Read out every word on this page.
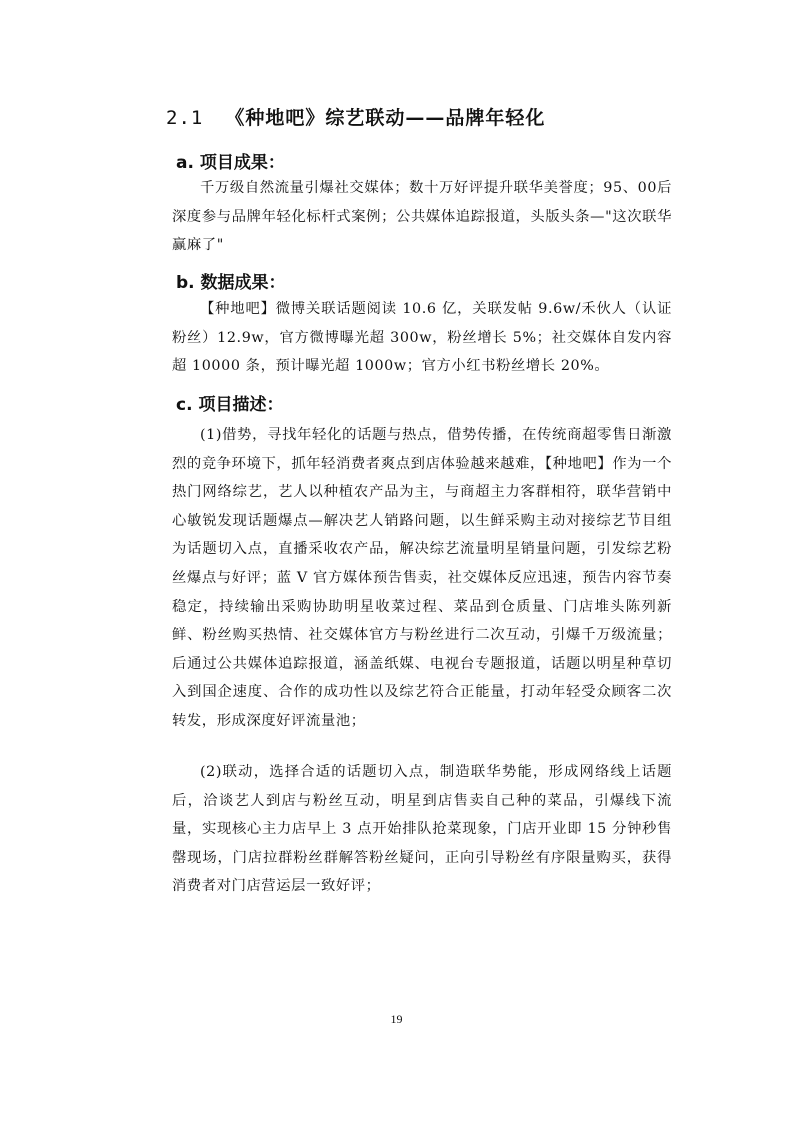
2.1 《种地吧》综艺联动——品牌年轻化
a. 项目成果：

千万级自然流量引爆社交媒体；数十万好评提升联华美誉度；95、00后深度参与品牌年轻化标杆式案例；公共媒体追踪报道，头版头条—"这次联华赢麻了"

b. 数据成果：

【种地吧】微博关联话题阅读 10.6 亿，关联发帖 9.6w/禾伙人（认证粉丝）12.9w，官方微博曝光超 300w，粉丝增长 5%；社交媒体自发内容超 10000 条，预计曝光超 1000w；官方小红书粉丝增长 20%。

c. 项目描述：

(1)借势，寻找年轻化的话题与热点，借势传播，在传统商超零售日渐激烈的竞争环境下，抓年轻消费者爽点到店体验越来越难，【种地吧】作为一个热门网络综艺，艺人以种植农产品为主，与商超主力客群相符，联华营销中心敏锐发现话题爆点—解决艺人销路问题，以生鲜采购主动对接综艺节目组为话题切入点，直播采收农产品，解决综艺流量明星销量问题，引发综艺粉丝爆点与好评；蓝 V 官方媒体预告售卖，社交媒体反应迅速，预告内容节奏稳定，持续输出采购协助明星收菜过程、菜品到仓质量、门店堆头陈列新鲜、粉丝购买热情、社交媒体官方与粉丝进行二次互动，引爆千万级流量；后通过公共媒体追踪报道，涵盖纸媒、电视台专题报道，话题以明星种草切入到国企速度、合作的成功性以及综艺符合正能量，打动年轻受众顾客二次转发，形成深度好评流量池；

(2)联动，选择合适的话题切入点，制造联华势能，形成网络线上话题后，洽谈艺人到店与粉丝互动，明星到店售卖自己种的菜品，引爆线下流量，实现核心主力店早上 3 点开始排队抢菜现象，门店开业即 15 分钟秒售罄现场，门店拉群粉丝群解答粉丝疑问，正向引导粉丝有序限量购买，获得消费者对门店营运层一致好评；

19
